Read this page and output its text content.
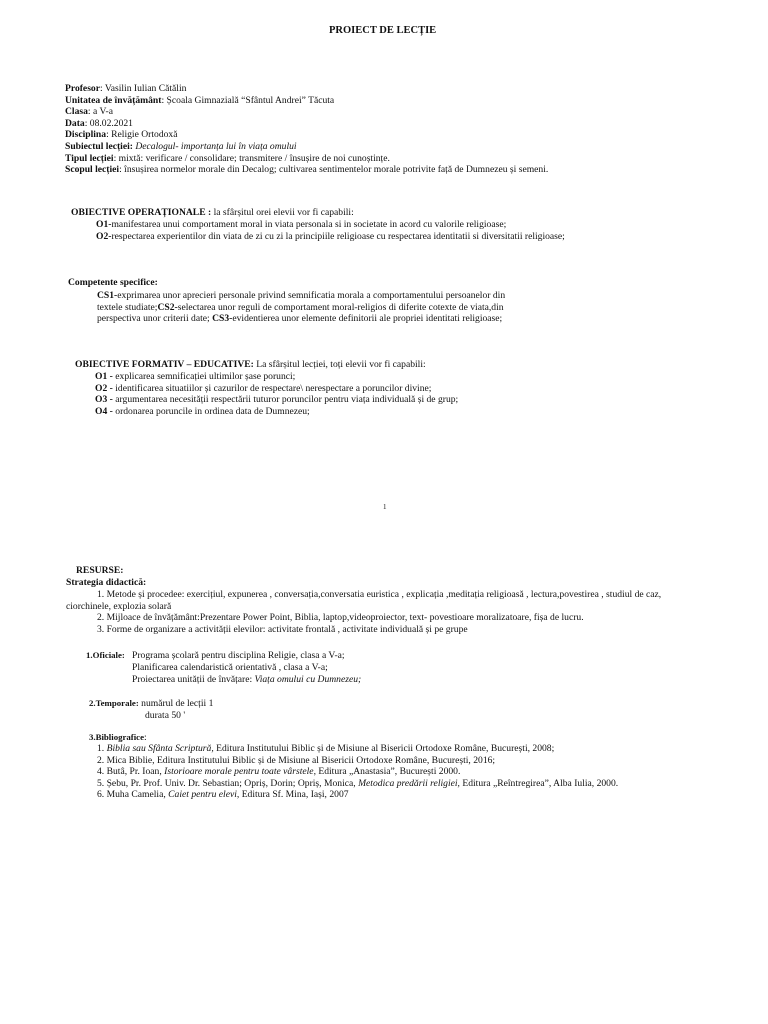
PROIECT DE LECȚIE
Profesor: Vasilin Iulian Cătălin
Unitatea de învățământ: Școala Gimnazială “Sfântul Andrei” Tăcuta
Clasa: a V-a
Data: 08.02.2021
Disciplina: Religie Ortodoxă
Subiectul lecției: Decalogul- importanța lui în viața omului
Tipul lecției: mixtă: verificare / consolidare; transmitere / însușire de noi cunoștințe.
Scopul lecției: însușirea normelor morale din Decalog; cultivarea sentimentelor morale potrivite față de Dumnezeu și semeni.
OBIECTIVE OPERAȚIONALE : la sfârșitul orei elevii vor fi capabili:
O1-manifestarea unui comportament moral in viata personala si in societate in acord cu valorile religioase;
O2-respectarea experientilor din viata de zi cu zi la principiile religioase cu respectarea identitatii si diversitatii religioase;
Competente specifice:
CS1-exprimarea unor aprecieri personale privind semnificatia morala a comportamentului persoanelor din
textele studiate;CS2-selectarea unor reguli de comportament moral-religios di diferite cotexte de viata,din
perspectiva unor criterii date; CS3-evidentierea unor elemente definitorii ale propriei identitati religioase;
OBIECTIVE FORMATIV – EDUCATIVE: La sfârșitul lecției, toți elevii vor fi capabili:
O1 - explicarea semnificației ultimilor șase porunci;
O2 - identificarea situatiilor și cazurilor de respectare\ nerespectare a poruncilor divine;
O3 - argumentarea necesității respectării tuturor poruncilor pentru viața individuală și de grup;
O4 - ordonarea poruncile in ordinea data de Dumnezeu;
1
RESURSE:
Strategia didactică:
1. Metode și procedee: exercițiul, expunerea , conversația,conversatia euristica , explicația ,meditația religioasă , lectura,povestirea , studiul de caz,
ciorchinele, explozia solară
2. Mijloace de învățământ:Prezentare Power Point, Biblia, laptop,videoproiector, text- povestioare moralizatoare, fișa de lucru.
3. Forme de organizare a activității elevilor: activitate frontală , activitate individuală și pe grupe
1.Oficiale: Programa școlară pentru disciplina Religie, clasa a V-a;
Planificarea calendaristică orientativă , clasa a V-a;
Proiectarea unității de învățare: Viața omului cu Dumnezeu;
2.Temporale: numărul de lecții 1
durata 50 '
3.Bibliografice:
1. Biblia sau Sfânta Scriptură, Editura Institutului Biblic și de Misiune al Bisericii Ortodoxe Române, București, 2008;
2. Mica Biblie, Editura Institutului Biblic și de Misiune al Bisericii Ortodoxe Române, București, 2016;
4. Butâ, Pr. Ioan, Istorioare morale pentru toate vârstele, Editura „Anastasia”, București 2000.
5. Șebu, Pr. Prof. Univ. Dr. Sebastian; Opriș, Dorin; Opriș, Monica, Metodica predării religiei, Editura „Reîntregirea”, Alba Iulia, 2000.
6. Muha Camelia, Caiet pentru elevi, Editura Sf. Mina, Iași, 2007
